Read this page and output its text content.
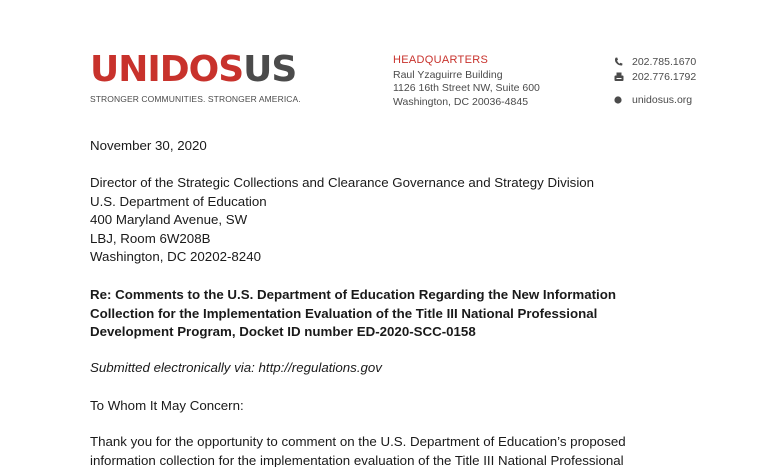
UNIDOSUS
STRONGER COMMUNITIES. STRONGER AMERICA.
HEADQUARTERS
Raul Yzaguirre Building
1126 16th Street NW, Suite 600
Washington, DC 20036-4845
202.785.1670
202.776.1792
unidosus.org
November 30, 2020
Director of the Strategic Collections and Clearance Governance and Strategy Division
U.S. Department of Education
400 Maryland Avenue, SW
LBJ, Room 6W208B
Washington, DC 20202-8240
Re: Comments to the U.S. Department of Education Regarding the New Information
Collection for the Implementation Evaluation of the Title III National Professional
Development Program, Docket ID number ED-2020-SCC-0158
Submitted electronically via: http://regulations.gov
To Whom It May Concern:
Thank you for the opportunity to comment on the U.S. Department of Education’s proposed
information collection for the implementation evaluation of the Title III National Professional
